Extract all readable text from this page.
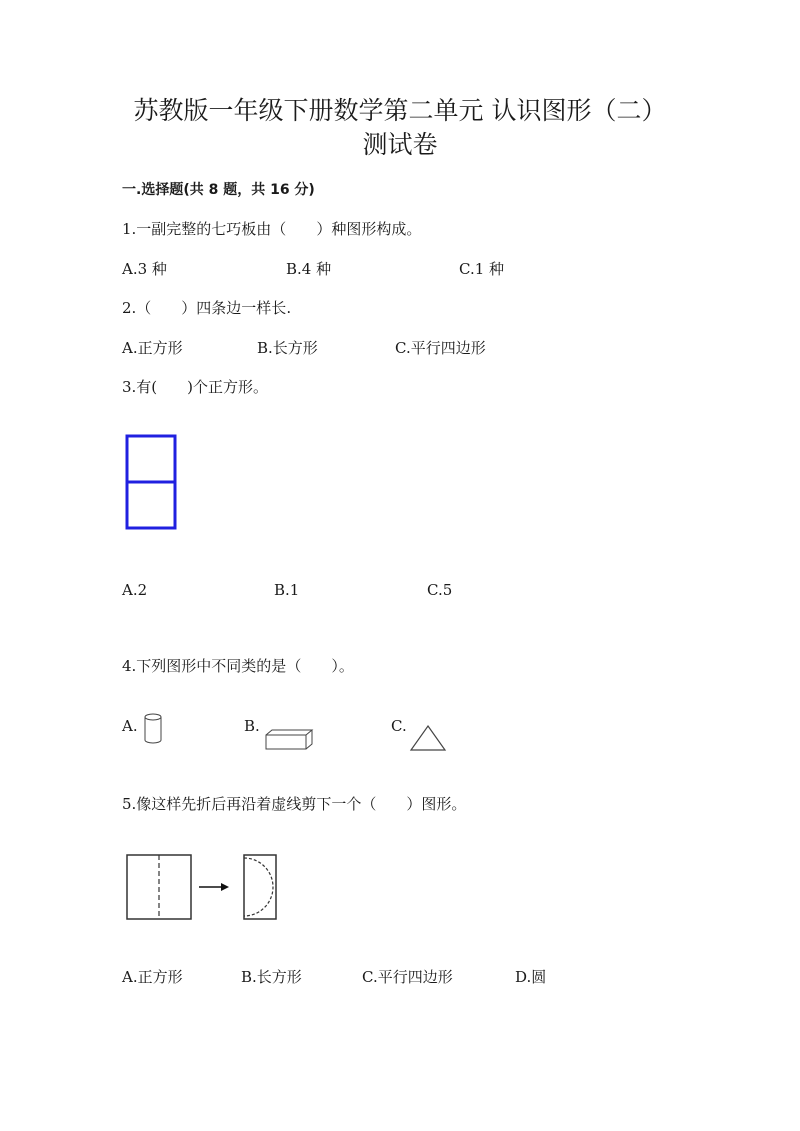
苏教版一年级下册数学第二单元 认识图形（二）
测试卷
一.选择题(共 8 题，共 16 分)
1.一副完整的七巧板由（　　）种图形构成。
A.3 种	B.4 种	C.1 种
2.（　　）四条边一样长.
A.正方形	B.长方形	C.平行四边形
3.有(　　)个正方形。
A.2	B.1	C.5
4.下列图形中不同类的是（　　）。
A.	B.	C.
5.像这样先折后再沿着虚线剪下一个（　　）图形。
A.正方形	B.长方形	C.平行四边形	D.圆
